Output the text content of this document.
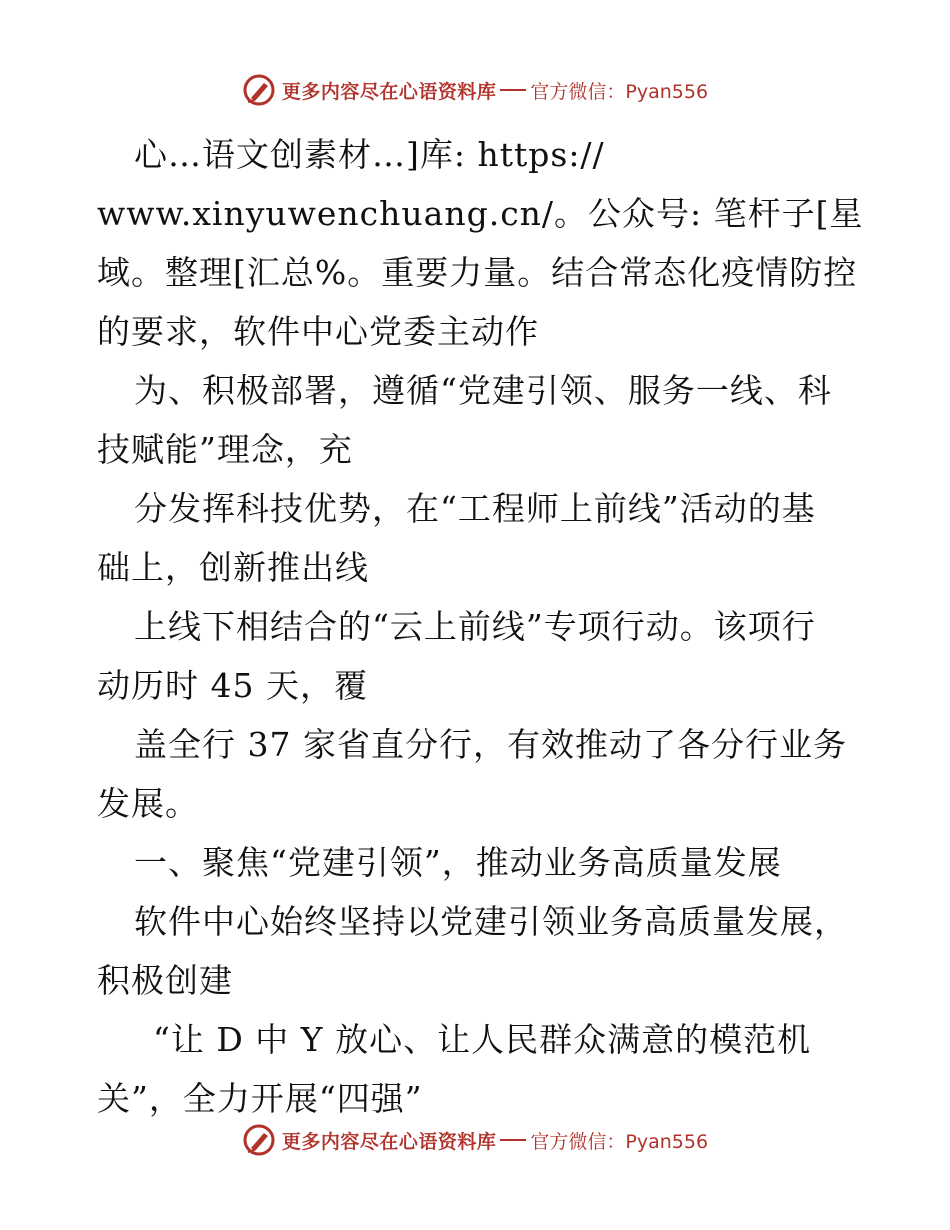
更多内容尽在心语资料库 官方微信：Pyan556
心…语文创素材…]库: https://
www.xinyuwenchuang.cn/。公众号: 笔杆子[星
域。整理[汇总%。重要力量。结合常态化疫情防控
的要求，软件中心党委主动作
为、积极部署，遵循“党建引领、服务一线、科
技赋能”理念，充
分发挥科技优势，在“工程师上前线”活动的基
础上，创新推出线
上线下相结合的“云上前线”专项行动。该项行
动历时 45 天，覆
盖全行 37 家省直分行，有效推动了各分行业务
发展。
一、聚焦“党建引领”，推动业务高质量发展
软件中心始终坚持以党建引领业务高质量发展，
积极创建
“让 D 中 Y 放心、让人民群众满意的模范机
关”，全力开展“四强”
更多内容尽在心语资料库 官方微信：Pyan556
